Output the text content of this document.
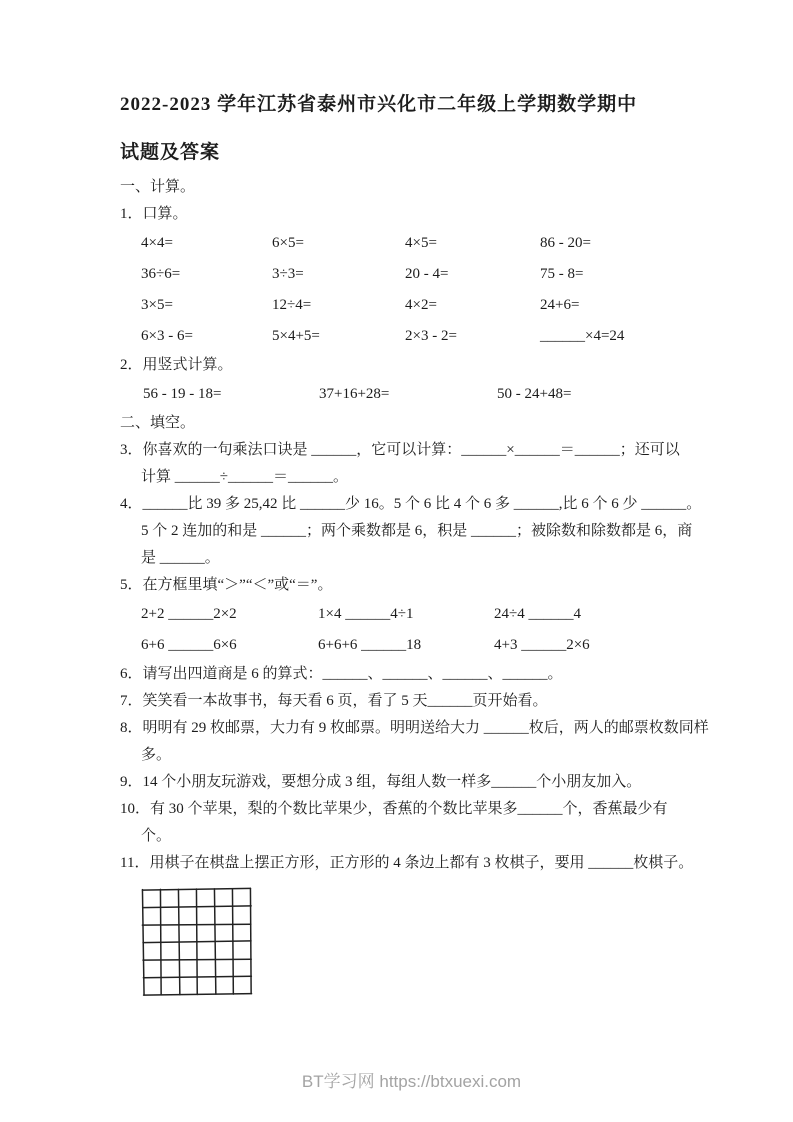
2022-2023 学年江苏省泰州市兴化市二年级上学期数学期中
试题及答案
一、计算。
1．口算。
4×4=	6×5=	4×5=	86 - 20=
36÷6=	3÷3=	20 - 4=	75 - 8=
3×5=	12÷4=	4×2=	24+6=
6×3 - 6=	5×4+5=	2×3 - 2=	______×4=24
2．用竖式计算。
56 - 19 - 18=	37+16+28=	50 - 24+48=
二、填空。
3．你喜欢的一句乘法口诀是 ______，它可以计算：______×______＝______；还可以
计算 ______÷______＝______。
4．______比 39 多 25,42 比 ______少 16。5 个 6 比 4 个 6 多 ______,比 6 个 6 少 ______。
5 个 2 连加的和是 ______；两个乘数都是 6，积是 ______；被除数和除数都是 6，商
是 ______。
5．在方框里填“＞”“＜”或“＝”。
2+2 ______2×2	1×4 ______4÷1	24÷4 ______4
6+6 ______6×6	6+6+6 ______18	4+3 ______2×6
6．请写出四道商是 6 的算式：______、______、______、______。
7．笑笑看一本故事书，每天看 6 页，看了 5 天______页开始看。
8．明明有 29 枚邮票，大力有 9 枚邮票。明明送给大力 ______枚后，两人的邮票枚数同样
多。
9．14 个小朋友玩游戏，要想分成 3 组，每组人数一样多______个小朋友加入。
10．有 30 个苹果，梨的个数比苹果少，香蕉的个数比苹果多______个，香蕉最少有
个。
11．用棋子在棋盘上摆正方形，正方形的 4 条边上都有 3 枚棋子，要用 ______枚棋子。
BT学习网 https://btxuexi.com
